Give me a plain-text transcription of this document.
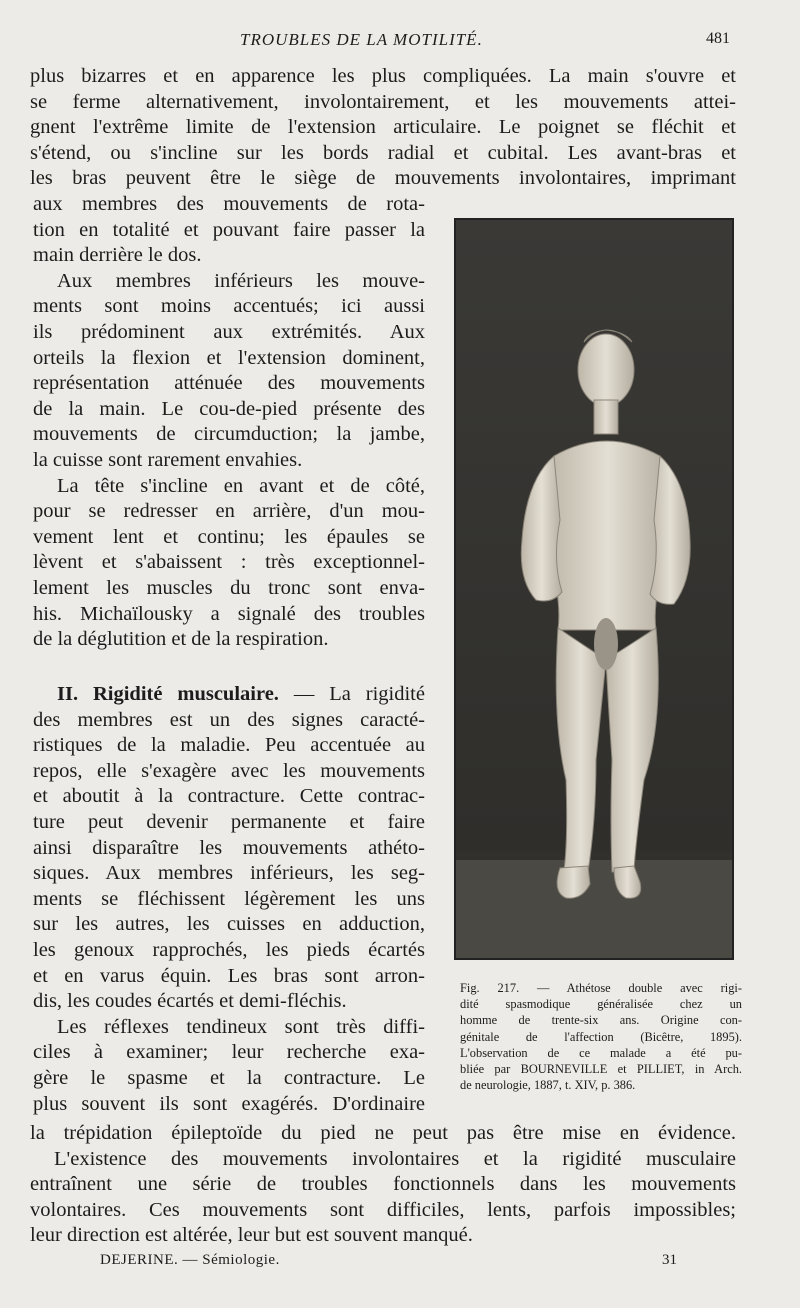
TROUBLES DE LA MOTILITÉ.	481
plus bizarres et en apparence les plus compliquées. La main s'ouvre et
se ferme alternativement, involontairement, et les mouvements attei-
gnent l'extrême limite de l'extension articulaire. Le poignet se fléchit et
s'étend, ou s'incline sur les bords radial et cubital. Les avant-bras et
les bras peuvent être le siège de mouvements involontaires, imprimant
aux membres des mouvements de rota-
tion en totalité et pouvant faire passer la
main derrière le dos.
Aux membres inférieurs les mouve-
ments sont moins accentués; ici aussi
ils prédominent aux extrémités. Aux
orteils la flexion et l'extension dominent,
représentation atténuée des mouvements
de la main. Le cou-de-pied présente des
mouvements de circumduction; la jambe,
la cuisse sont rarement envahies.
La tête s'incline en avant et de côté,
pour se redresser en arrière, d'un mou-
vement lent et continu; les épaules se
lèvent et s'abaissent : très exceptionnel-
lement les muscles du tronc sont enva-
his. Michaïlousky a signalé des troubles
de la déglutition et de la respiration.
II. Rigidité musculaire. — La rigidité
des membres est un des signes caracté-
ristiques de la maladie. Peu accentuée au
repos, elle s'exagère avec les mouvements
et aboutit à la contracture. Cette contrac-
ture peut devenir permanente et faire
ainsi disparaître les mouvements athéto-
siques. Aux membres inférieurs, les seg-
ments se fléchissent légèrement les uns
sur les autres, les cuisses en adduction,
les genoux rapprochés, les pieds écartés
et en varus équin. Les bras sont arron-
dis, les coudes écartés et demi-fléchis.
Les réflexes tendineux sont très diffi-
ciles à examiner; leur recherche exa-
gère le spasme et la contracture. Le
plus souvent ils sont exagérés. D'ordinaire
la trépidation épileptoïde du pied ne peut pas être mise en évidence.
L'existence des mouvements involontaires et la rigidité musculaire
entraînent une série de troubles fonctionnels dans les mouvements
volontaires. Ces mouvements sont difficiles, lents, parfois impossibles;
leur direction est altérée, leur but est souvent manqué.
Fig. 217. — Athétose double avec rigi-
dité spasmodique généralisée chez un
homme de trente-six ans. Origine con-
génitale de l'affection (Bicêtre, 1895).
L'observation de ce malade a été pu-
bliée par BOURNEVILLE et PILLIET, in Arch.
de neurologie, 1887, t. XIV, p. 386.
DEJERINE. — Sémiologie.	31
